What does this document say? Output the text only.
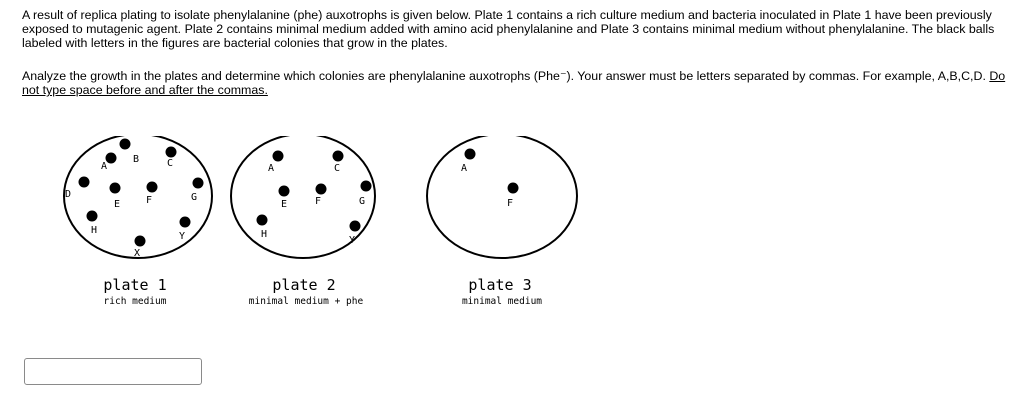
A result of replica plating to isolate phenylalanine (phe) auxotrophs is given below. Plate 1 contains a rich culture medium and bacteria inoculated in Plate 1 have been previously exposed to mutagenic agent. Plate 2 contains minimal medium added with amino acid phenylalanine and Plate 3 contains minimal medium without phenylalanine. The black balls labeled with letters in the figures are bacterial colonies that grow in the plates.

Analyze the growth in the plates and determine which colonies are phenylalanine auxotrophs (Phe⁻). Your answer must be letters separated by commas. For example, A,B,C,D. Do not type space before and after the commas.

A
B	C
D
E	F	G
H
X
Y
plate 1
rich medium
A	C
E	F	G
H
Y
plate 2
minimal medium + phe
A
F
plate 3
minimal medium
